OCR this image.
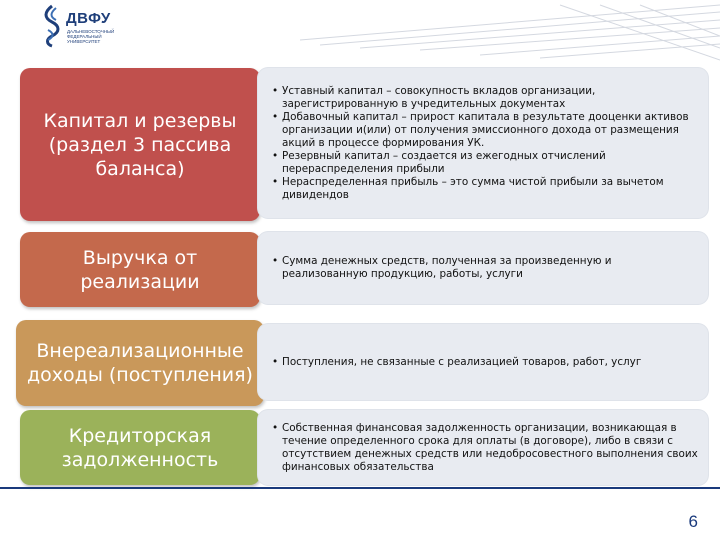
ДВФУ
ДАЛЬНЕВОСТОЧНЫЙ
ФЕДЕРАЛЬНЫЙ
УНИВЕРСИТЕТ
Капитал и резервы (раздел 3 пассива баланса)
• Уставный капитал – совокупность вкладов организации, зарегистрированную в учредительных документах
• Добавочный капитал – прирост капитала в результате дооценки активов организации и(или) от получения эмиссионного дохода от размещения акций в процессе формирования УК.
• Резервный капитал – создается из ежегодных отчислений перераспределения прибыли
• Нераспределенная прибыль – это сумма чистой прибыли за вычетом дивидендов
Выручка от реализации
• Сумма денежных средств, полученная за произведенную и реализованную продукцию, работы, услуги
Внереализационные доходы (поступления)
• Поступления, не связанные с реализацией товаров, работ, услуг
Кредиторская задолженность
• Собственная финансовая задолженность организации, возникающая в течение определенного срока для оплаты (в договоре), либо в связи с отсутствием денежных средств или недобросовестного выполнения своих финансовых обязательства
6
